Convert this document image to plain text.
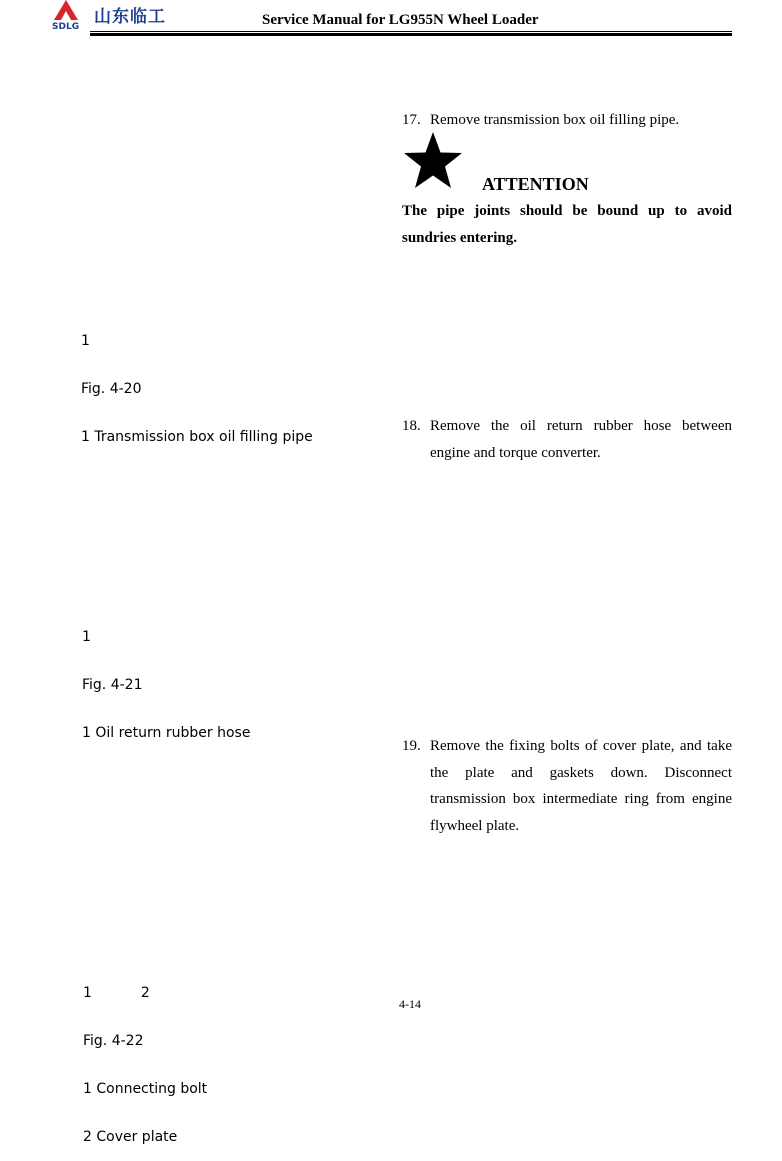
SDLG 山东临工	Service Manual for LG955N Wheel Loader

1

Fig. 4-20

1 Transmission box oil filling pipe

1

Fig. 4-21

1 Oil return rubber hose

1           2

Fig. 4-22

1 Connecting bolt

2 Cover plate

17. Remove transmission box oil filling pipe.
ATTENTION
The pipe joints should be bound up to avoid sundries entering.
18. Remove the oil return rubber hose between engine and torque converter.
19. Remove the fixing bolts of cover plate, and take the plate and gaskets down. Disconnect transmission box intermediate ring from engine flywheel plate.
4-14
